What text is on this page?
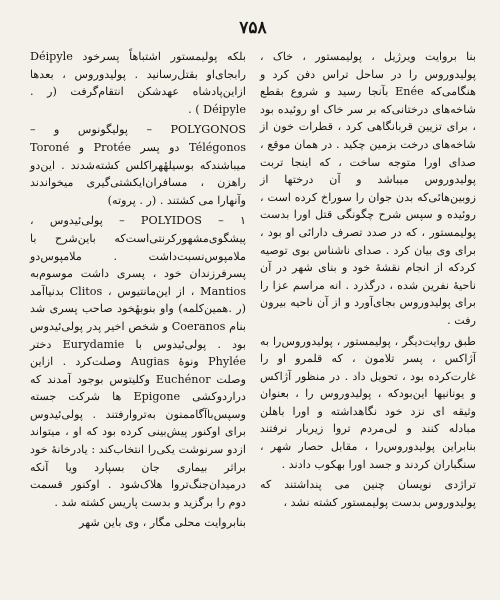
۷۵۸

بنا بروایت ویرژیل ، پولیمستور ، خاک ، پولیدوروس را در ساحل تراس دفن کرد و هنگامی‌که Enée بآنجا رسید و شروع بقطع شاخه‌های درختانی‌که بر سر خاک او روئیده بود ، برای تزیین قربانگاهی کرد ، قطرات خون از شاخه‌های درخت بزمین چکید . در همان موقع ، صدای اورا متوجه ساخت ، که اینجا تربت پولیدوروس میباشد و آن درختها از زوبین‌هائی‌که بدن جوان را سوراخ کرده است ، روئیده و سپس شرح چگونگی قتل اورا بدست پولیمستور ، که در صدد تصرف دارائی او بود ، برای وی بیان کرد . صدای ناشناس بوی توصیه کردکه از انجام نقشهٔ خود و بنای شهر در آن ناحیهٔ نفرین شده ، درگذرد . انه مراسم عزا را برای پولیدوروس بجای‌آورد و از آن ناحیه بیرون رفت .

طبق روایت‌دیگر ، پولیمستور ، پولیدوروس‌را به آژاکس ، پسر تلامون ، که قلمرو او را غارت‌کرده بود ، تحویل داد . در منظور آژاکس و یونانیها این‌بود‌که ، پولیدوروس را ، بعنوان وثیقه ای نزد خود نگاهداشته و اورا باهلن مبادله کنند و لی‌مردم تروا زیربار نرفتند بنابراین پولیدوروس‌را ، مقابل حصار شهر ، سنگباران کردند و جسد اورا بهکوب دادند .

تراژدی نویسان چنین می پنداشتند که پولیدوروس بدست پولیمستور کشته نشد ،

بلکه پولیمستور اشتباهاً پسرخود Déipyle رابجای‌او بقتل‌رسانید . پولیدوروس ، بعدها ازاین‌پادشاه عهدشکن انتقام‌گرفت (ر . Déipyle ) .

POLYGONOS – پولیگونوس و – Télégonos دو پسر Protée و Toroné میباشندکه بوسیلهٔهراکلس کشته‌شدند . این‌دو راهزن ، مسافران‌ایکشتی‌گیری میخواندند وآنهارا می کشتند . (ر . پروته)

POLYIDOS – ۱ – پولی‌ئیدوس ، پیشگوی‌مشهورکرنتی‌است‌که باین‌شرح با ملامپوس‌نسبت‌داشت . ملامپوس‌دو پسرفرزندان خود ، پسری داشت موسوم‌به Mantios ، از این‌مانتیوس ، Clitos بدنیاآمد (ر .همین‌کلمه) واو بنوبهٔخود صاحب پسری شد بنام Coeranos و شخص اخیر پدر پولی‌ئیدوس بود . پولی‌ئیدوس با Eurydamie دختر Phylée ونوهٔ Augias وصلت‌کرد . ازاین وصلت Euchénor وکلیتوس بوجود آمدند که دراردوکشی Epigone ها شرکت جسته وسپس‌باآگاممنون به‌تروارفتند . پولی‌ئیدوس برای اوکنور پیش‌بینی کرده بود که او ، میتواند ازدو سرنوشت یکی‌را انتخاب‌کند : یادرخانهٔ خود براثر بیماری جان بسپارد ویا آنکه درمیدان‌جنگ‌تروا هلاک‌شود . اوکنور قسمت دوم را برگزید و بدست پاریس کشته شد .

بنابروایت محلی مگار ، وی باین شهر
